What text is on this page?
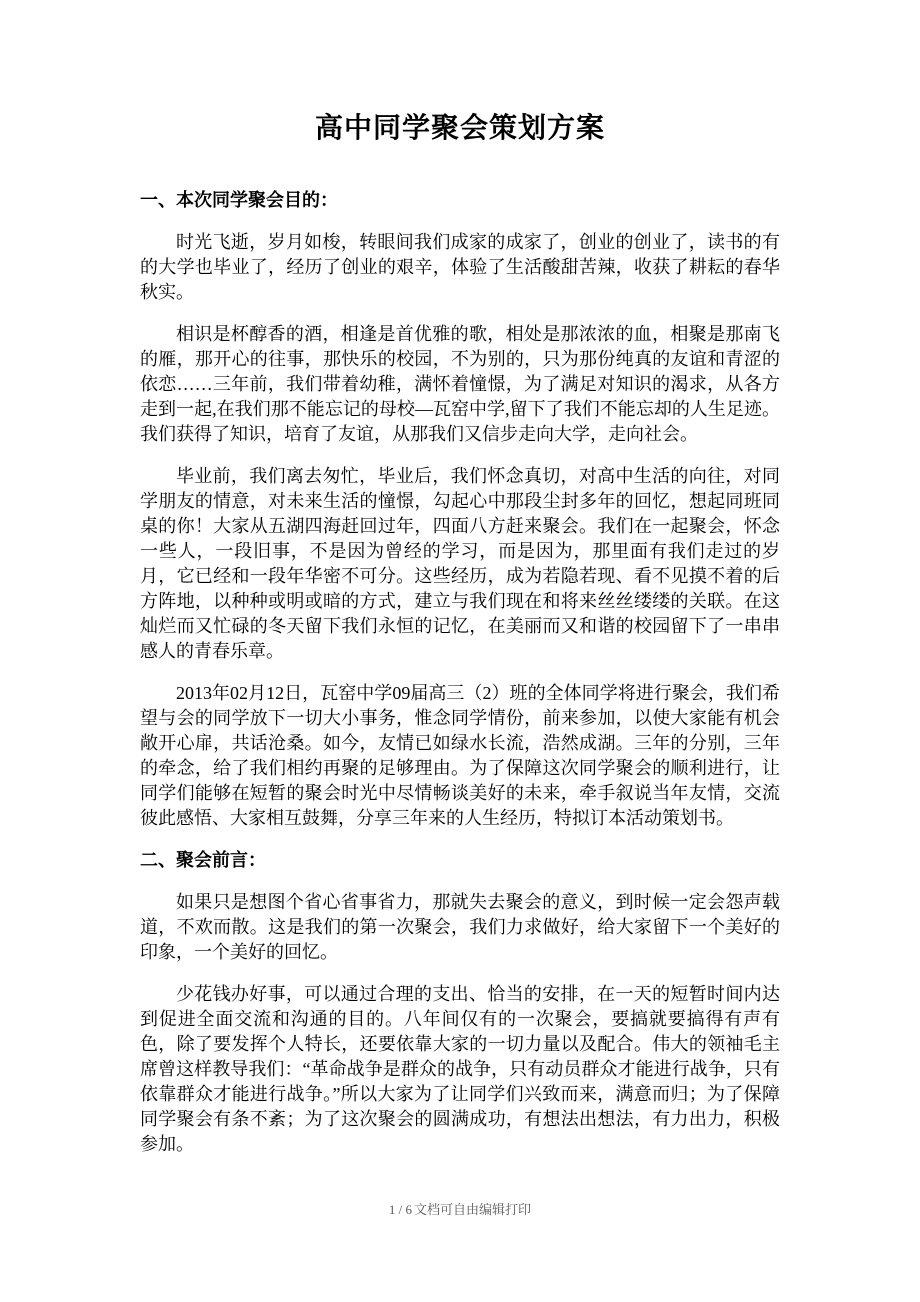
高中同学聚会策划方案
一、本次同学聚会目的：

时光飞逝，岁月如梭，转眼间我们成家的成家了，创业的创业了，读书的有的大学也毕业了，经历了创业的艰辛，体验了生活酸甜苦辣，收获了耕耘的春华秋实。

相识是杯醇香的酒，相逢是首优雅的歌，相处是那浓浓的血，相聚是那南飞的雁，那开心的往事，那快乐的校园，不为别的，只为那份纯真的友谊和青涩的依恋……三年前，我们带着幼稚，满怀着憧憬，为了满足对知识的渴求，从各方走到一起,在我们那不能忘记的母校—瓦窑中学,留下了我们不能忘却的人生足迹。我们获得了知识，培育了友谊，从那我们又信步走向大学，走向社会。

毕业前，我们离去匆忙，毕业后，我们怀念真切，对高中生活的向往，对同学朋友的情意，对未来生活的憧憬，勾起心中那段尘封多年的回忆，想起同班同桌的你！大家从五湖四海赶回过年，四面八方赶来聚会。我们在一起聚会，怀念一些人，一段旧事，不是因为曾经的学习，而是因为，那里面有我们走过的岁月，它已经和一段年华密不可分。这些经历，成为若隐若现、看不见摸不着的后方阵地，以种种或明或暗的方式，建立与我们现在和将来丝丝缕缕的关联。在这灿烂而又忙碌的冬天留下我们永恒的记忆，在美丽而又和谐的校园留下了一串串感人的青春乐章。

2013年02月12日，瓦窑中学09届高三（2）班的全体同学将进行聚会，我们希望与会的同学放下一切大小事务，惟念同学情份，前来参加，以使大家能有机会敞开心扉，共话沧桑。如今，友情已如绿水长流，浩然成湖。三年的分别，三年的牵念，给了我们相约再聚的足够理由。为了保障这次同学聚会的顺利进行，让同学们能够在短暂的聚会时光中尽情畅谈美好的未来，牵手叙说当年友情，交流彼此感悟、大家相互鼓舞，分享三年来的人生经历，特拟订本活动策划书。

二、聚会前言：

如果只是想图个省心省事省力，那就失去聚会的意义，到时候一定会怨声载道，不欢而散。这是我们的第一次聚会，我们力求做好，给大家留下一个美好的印象，一个美好的回忆。

少花钱办好事，可以通过合理的支出、恰当的安排，在一天的短暂时间内达到促进全面交流和沟通的目的。八年间仅有的一次聚会，要搞就要搞得有声有色，除了要发挥个人特长，还要依靠大家的一切力量以及配合。伟大的领袖毛主席曾这样教导我们：“革命战争是群众的战争，只有动员群众才能进行战争，只有依靠群众才能进行战争。”所以大家为了让同学们兴致而来，满意而归；为了保障同学聚会有条不紊；为了这次聚会的圆满成功，有想法出想法，有力出力，积极参加。

1 / 6 文档可自由编辑打印
